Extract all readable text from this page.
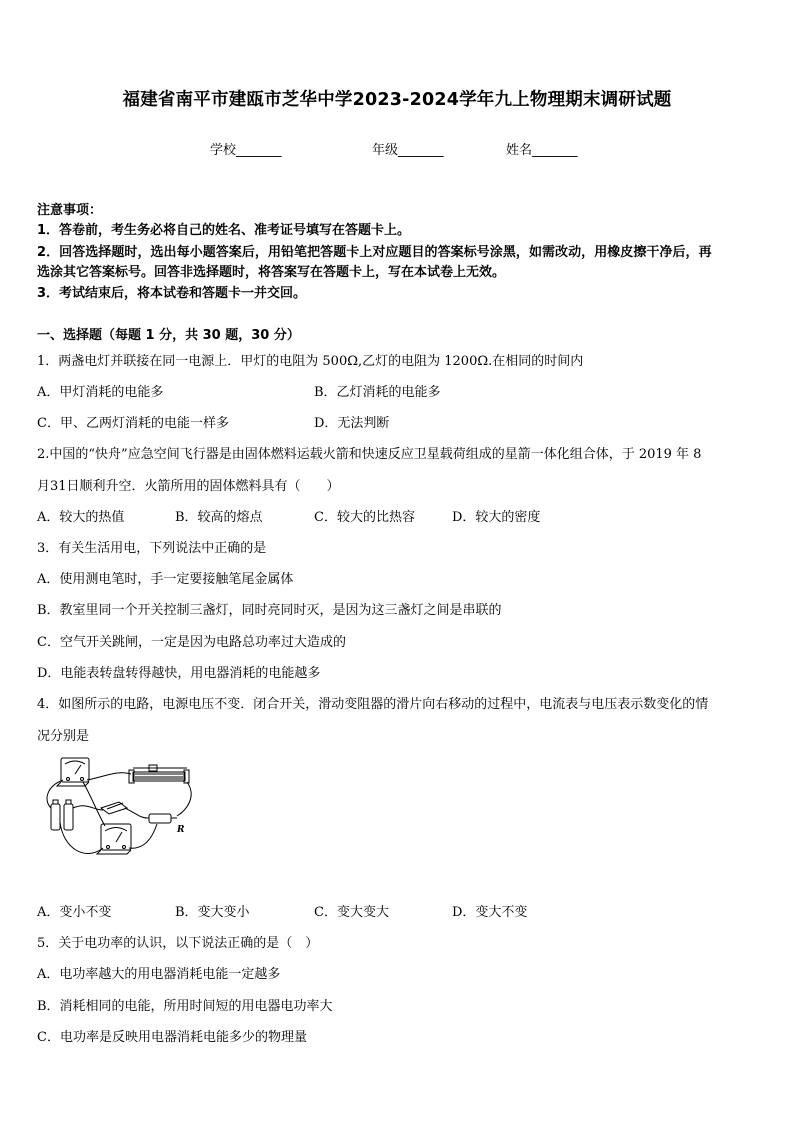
福建省南平市建瓯市芝华中学2023-2024学年九上物理期末调研试题
学校_______	年级_______	姓名_______
注意事项：
1．答卷前，考生务必将自己的姓名、准考证号填写在答题卡上。
2．回答选择题时，选出每小题答案后，用铅笔把答题卡上对应题目的答案标号涂黑，如需改动，用橡皮擦干净后，再
选涂其它答案标号。回答非选择题时，将答案写在答题卡上，写在本试卷上无效。
3．考试结束后，将本试卷和答题卡一并交回。
一、选择题（每题 1 分，共 30 题，30 分）
1．两盏电灯并联接在同一电源上．甲灯的电阻为 500Ω,乙灯的电阻为 1200Ω.在相同的时间内
A．甲灯消耗的电能多	B．乙灯消耗的电能多
C．甲、乙两灯消耗的电能一样多	D．无法判断
2.中国的“快舟”应急空间飞行器是由固体燃料运载火箭和快速反应卫星载荷组成的星箭一体化组合体，于 2019 年 8
月31日顺利升空．火箭所用的固体燃料具有（　　）
A．较大的热值	B．较高的熔点	C．较大的比热容	D．较大的密度
3．有关生活用电，下列说法中正确的是
A．使用测电笔时，手一定要接触笔尾金属体
B．教室里同一个开关控制三盏灯，同时亮同时灭，是因为这三盏灯之间是串联的
C．空气开关跳闸，一定是因为电路总功率过大造成的
D．电能表转盘转得越快，用电器消耗的电能越多
4．如图所示的电路，电源电压不变．闭合开关，滑动变阻器的滑片向右移动的过程中，电流表与电压表示数变化的情
况分别是
R
A．变小不变	B．变大变小	C．变大变大	D．变大不变
5．关于电功率的认识，以下说法正确的是（　）
A．电功率越大的用电器消耗电能一定越多
B．消耗相同的电能，所用时间短的用电器电功率大
C．电功率是反映用电器消耗电能多少的物理量
